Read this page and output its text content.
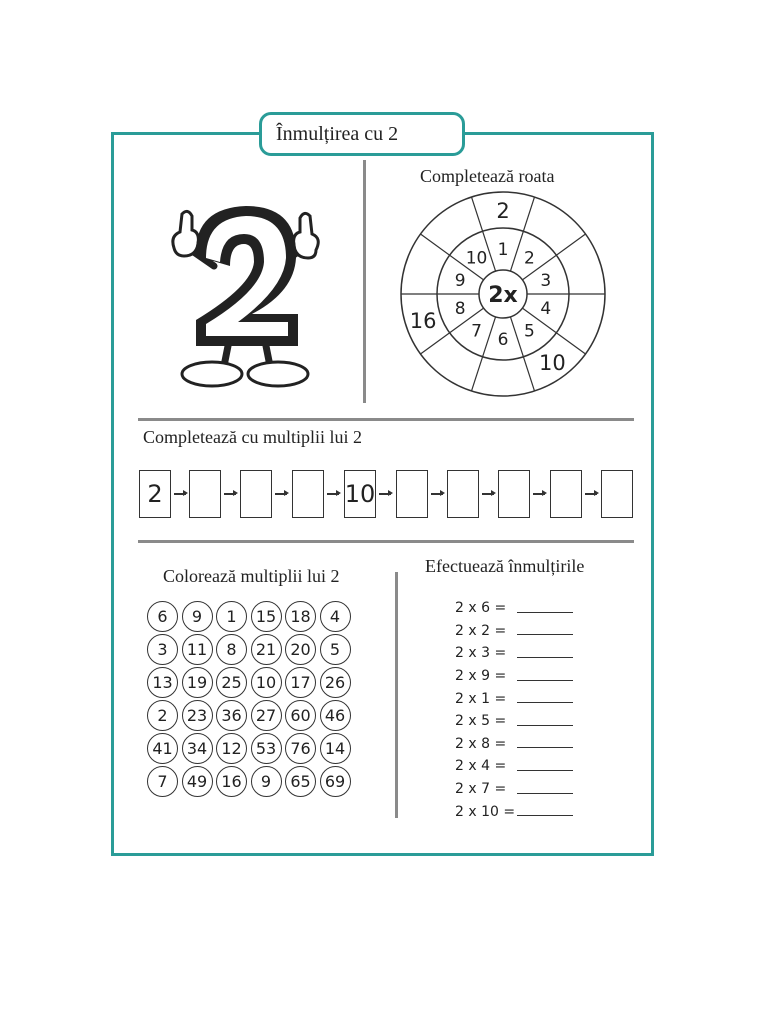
Înmulțirea cu 2
Completează roata
1
2
2
3
4
5
10
6
7
8
16
9
10
2x
Completează cu multiplii lui 2
2	10
Colorează multiplii lui 2
6	9	1	15 18	4
3	11	8	21 20	5
13 19 25 10 17 26
2	23 36 27 60 46
41 34 12 53 76 14
7	49 16	9	65 69
Efectuează înmulțirile
2 x 6 =
2 x 2 =
2 x 3 =
2 x 9 =
2 x 1 =
2 x 5 =
2 x 8 =
2 x 4 =
2 x 7 =
2 x 10 =
